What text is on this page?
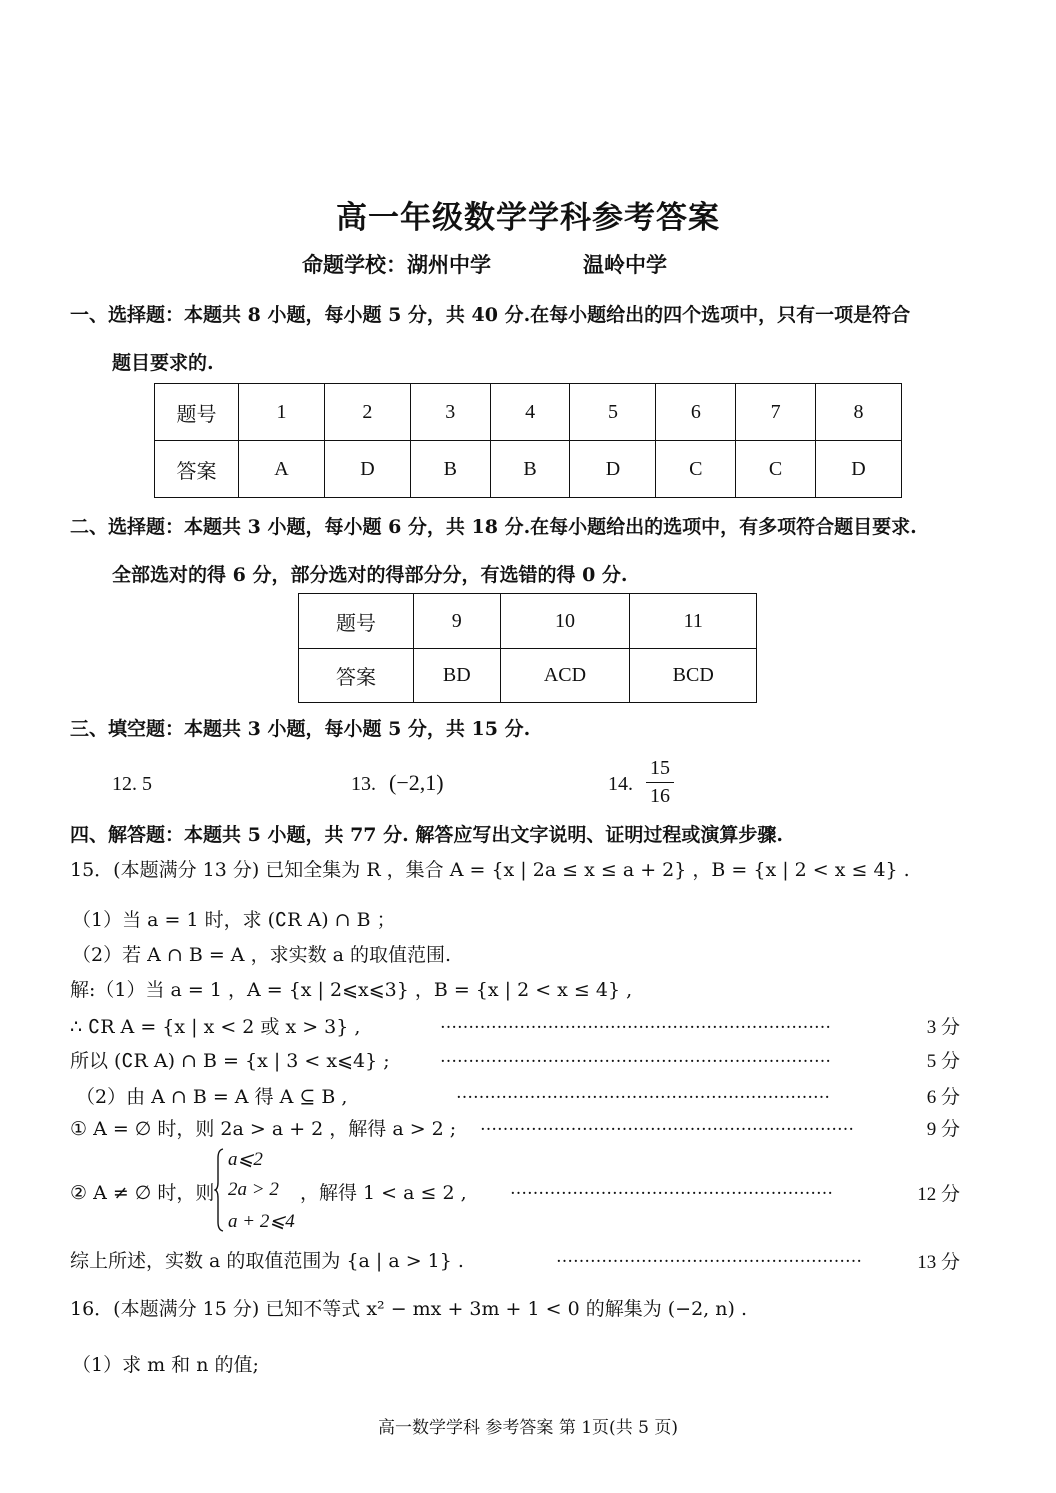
高一年级数学学科参考答案
命题学校：湖州中学	温岭中学
一、选择题：本题共 8 小题，每小题 5 分，共 40 分.在每小题给出的四个选项中，只有一项是符合
题目要求的.
题号	1	2	3	4	5	6	7	8
答案	A	D	B	B	D	C	C	D
二、选择题：本题共 3 小题，每小题 6 分，共 18 分.在每小题给出的选项中，有多项符合题目要求.
全部选对的得 6 分，部分选对的得部分分，有选错的得 0 分.
题号	9	10	11
答案	BD	ACD	BCD
三、填空题：本题共 3 小题，每小题 5 分，共 15 分.
12. 5	13. (−2,1)	14.
15
16
四、解答题：本题共 5 小题，共 77 分. 解答应写出文字说明、证明过程或演算步骤.
15．(本题满分 13 分) 已知全集为 R ，集合 A = {x | 2a ≤ x ≤ a + 2} ，B = {x | 2 < x ≤ 4} .
（1）当 a = 1 时，求 (∁R A) ∩ B ；
（2）若 A ∩ B = A ，求实数 a 的取值范围.
解:（1）当 a = 1 ，A = {x | 2⩽x⩽3} ，B = {x | 2 < x ≤ 4} ,
∴ ∁R A = {x | x < 2 或 x > 3} ,	……………………………………………………………	3 分
所以 (∁R A) ∩ B = {x | 3 < x⩽4} ;	……………………………………………………………	5 分
（2）由 A ∩ B = A 得 A ⊆ B ,	…………………………………………………………	6 分
① A = ∅ 时，则 2a > a + 2 ，解得 a > 2 ; …………………………………………………………	9 分
② A ≠ ∅ 时，则
a⩽2
2a > 2
a + 2⩽4
，解得 1 < a ≤ 2 ,	…………………………………………………	12 分
综上所述，实数 a 的取值范围为 {a | a > 1} .	………………………………………………	13 分
16．(本题满分 15 分) 已知不等式 x² − mx + 3m + 1 < 0 的解集为 (−2, n) .
（1）求 m 和 n 的值;
高一数学学科 参考答案 第 1页(共 5 页)
